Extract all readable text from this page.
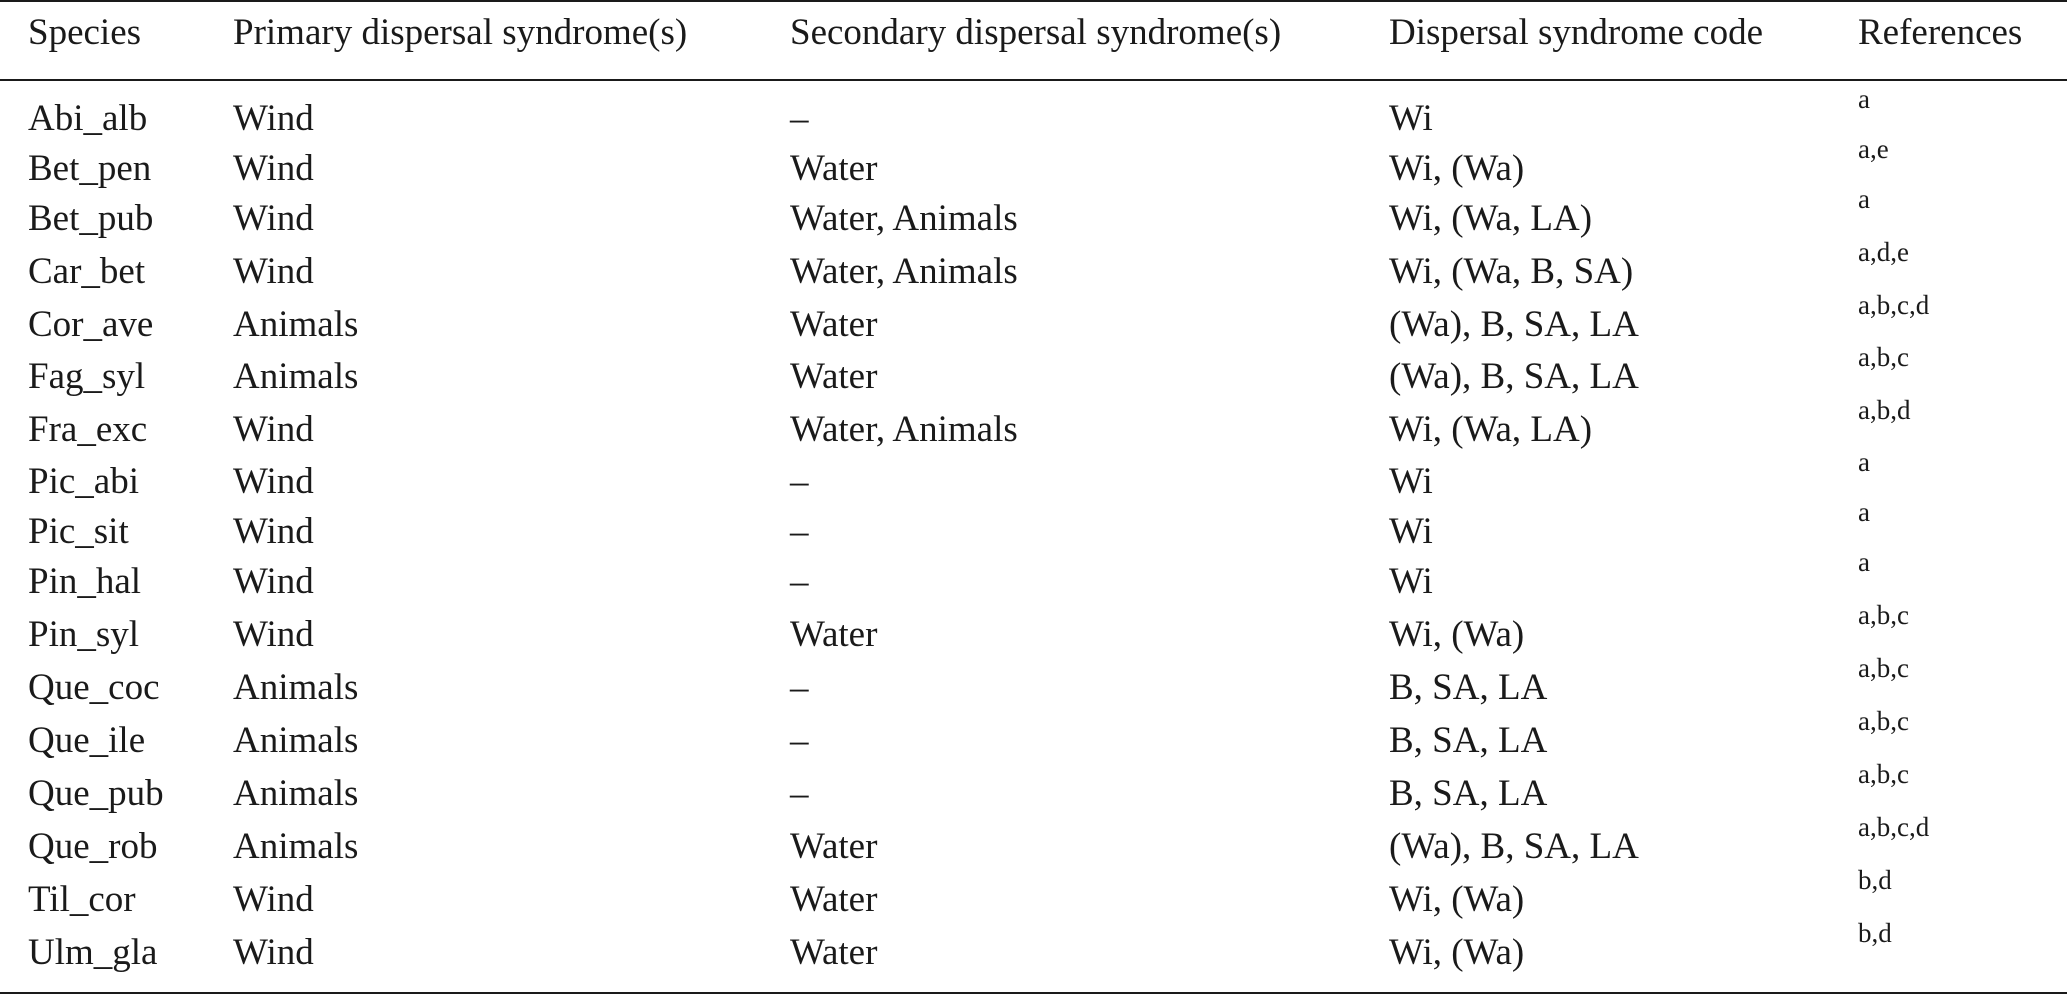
Species Primary dispersal syndrome(s)	Secondary dispersal syndrome(s)	Dispersal syndrome code	References
Abi_alb Wind	–	Wi	a
Bet_pen Wind	Water	Wi, (Wa)	a,e
Bet_pub Wind	Water, Animals	Wi, (Wa, LA)	a
Car_bet Wind	Water, Animals	Wi, (Wa, B, SA)	a,d,e
Cor_ave Animals	Water	(Wa), B, SA, LA	a,b,c,d
Fag_syl Animals	Water	(Wa), B, SA, LA	a,b,c
Fra_exc Wind	Water, Animals	Wi, (Wa, LA)	a,b,d
Pic_abi	Wind	–	Wi	a
Pic_sit	Wind	–	Wi	a
Pin_hal Wind	–	Wi	a
Pin_syl	Wind	Water	Wi, (Wa)	a,b,c
Que_coc Animals	–	B, SA, LA	a,b,c
Que_ile Animals	–	B, SA, LA	a,b,c
Que_pub Animals	–	B, SA, LA	a,b,c
Que_rob Animals	Water	(Wa), B, SA, LA	a,b,c,d
Til_cor	Wind	Water	Wi, (Wa)	b,d
Ulm_gla Wind	Water	Wi, (Wa)	b,d
